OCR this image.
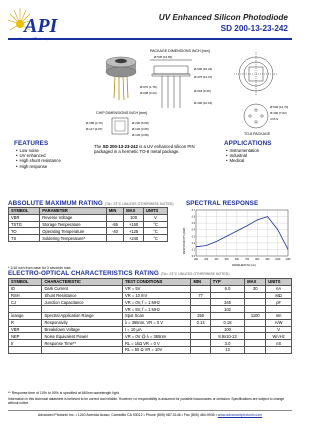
API	UV Enhanced Silicon Photodiode
SD 200-13-23-242
PACKAGE DIMENSIONS INCH [mm]
CHIP DIMENSIONS INCH [mm]
Ø.545 [13.84]
Ø.600 [15.24]
Ø.475 [12.07]
Ø.070 [1.78]
Ø.008 [0.20]	Ø.018 [0.46]
Ø.400 [10.16]
Ø.500 [12.70]
Ø.300 [7.62]
TO-8 PACKAGE
Ø.185 [4.70]
Ø.117 [2.97]
Ø.200 [5.08]
Ø.120 [3.05]
Ø.145 [3.68]
4 PLS
FEATURES
• Low noise
• UV enhanced
• High shunt resistance
• High response
The SD 200-13-23-242 is a UV enhanced silicon PIN
packaged in a hermetic TO-8 metal package.
APPLICATIONS
• Instrumentation
• Industrial
• Medical
ABSOLUTE MAXIMUM RATING (TA= 23°C UNLESS OTHERWISE NOTED)
SYMBOL	PARAMETER	MIN	MAX	UNITS
VBR	Reverse Voltage		100	V
TSTG	Storage Temperature	-55	+150	°C
TO	Operating Temperature	-40	+125	°C
TS	Soldering Temperature*		+240	°C
* 1/16 inch from case for 3 seconds max.
SPECTRAL RESPONSE
RESPONSIVITY (A/W)
WAVELENGTH (nm)
200	300	400	500	600	700	800	900	1000	1100
0.0
0.1
0.2
0.3
0.4
0.5
0.6
0.7
ELECTRO-OPTICAL CHARACTERISTICS RATING (TA= 23°C UNLESS OTHERWISE NOTED)
SYMBOL	CHARACTERISTIC	TEST CONDITIONS	MIN	TYP	MAX	UNITS
ID	Dark Current	VR = 5V		6.0	30	nA
RSH	Shunt Resistance	VR = 10 mV	77			MΩ
CJ	Junction Capacitance	VR = 0V, f = 1 MHz		345		pF
		VR = 5V, f = 1 MHz		102		
λrange	Spectral Application Range	Spot Scan	250		1100	nm
R	Responsivity	λ = 365nm, VR = 0 V	0.14	0.18		A/W
VBR	Breakdown Voltage	I = 10 µA		100		V
NEP	Noise Equivalent Power	VR = 0V @ λ = 365nm		8.9x10-13		W/√Hz
tr	Response Time**	RL = 1kΩ VR = 0 V		3.0		nS
		RL = 50 Ω VR = 10V		13		
** Response time of 10% to 90% is specified at 660nm wavelength light.
Information in this technical datasheet is believed to be correct and reliable. However, no responsibility is assumed for possible inaccuracies or omission. Specifications are subject to change without notice.
Advanced Photonix Inc. • 1240 Avenida Acaso, Camarillo CA 93012 • Phone (805) 987-0146 • Fax (805) 484-9935 • www.advancedphotonix.com
